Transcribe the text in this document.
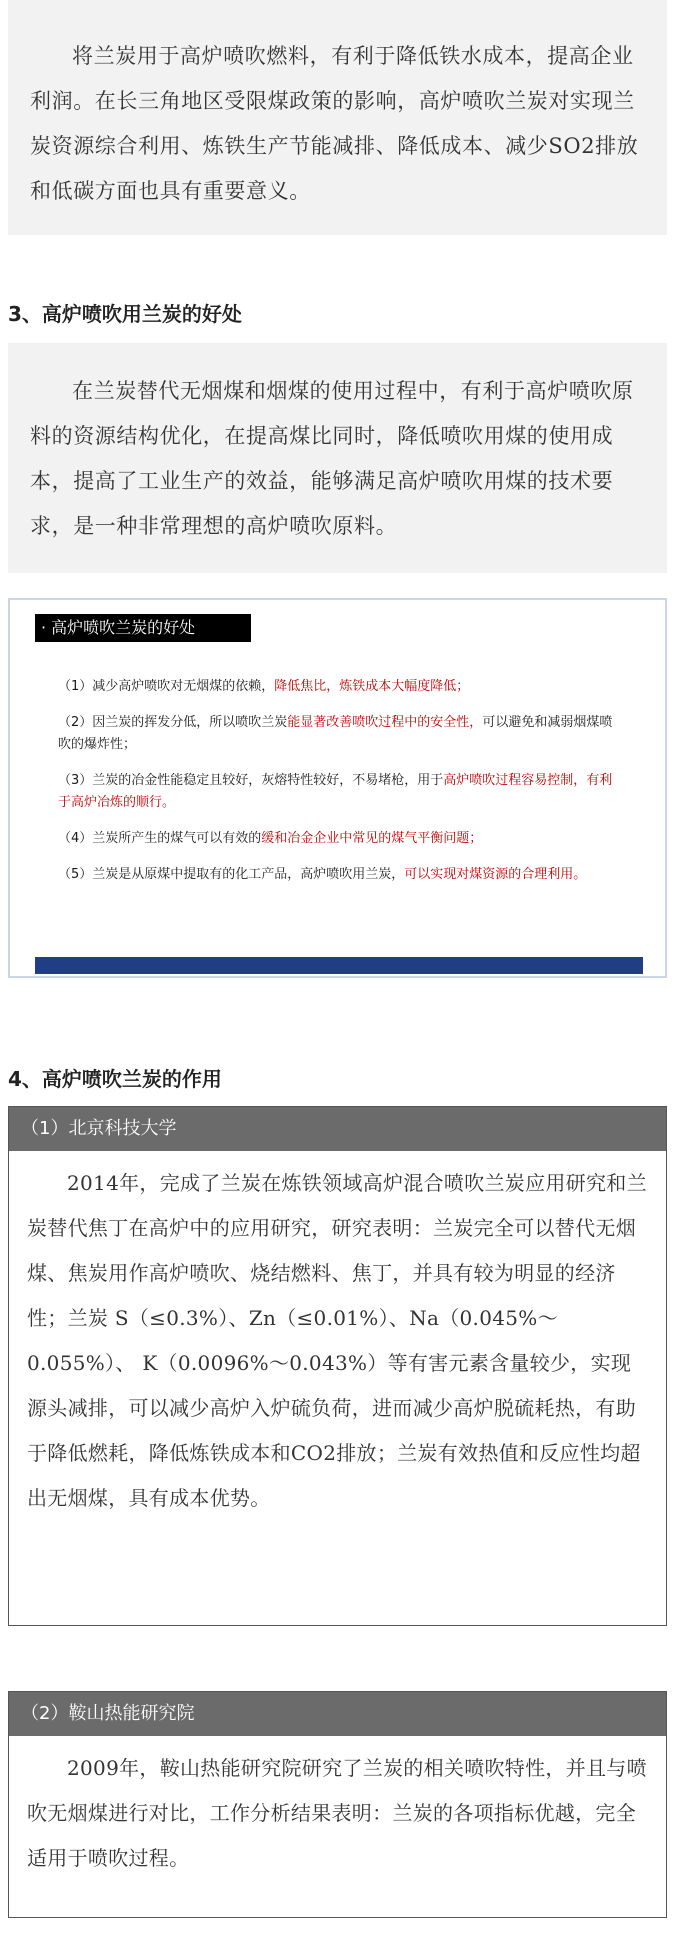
将兰炭用于高炉喷吹燃料，有利于降低铁水成本，提高企业利润。在长三角地区受限煤政策的影响，高炉喷吹兰炭对实现兰炭资源综合利用、炼铁生产节能减排、降低成本、减少SO2排放和低碳方面也具有重要意义。

3、高炉喷吹用兰炭的好处

在兰炭替代无烟煤和烟煤的使用过程中，有利于高炉喷吹原料的资源结构优化，在提高煤比同时，降低喷吹用煤的使用成本，提高了工业生产的效益，能够满足高炉喷吹用煤的技术要求，是一种非常理想的高炉喷吹原料。

· 高炉喷吹兰炭的好处
（1）减少高炉喷吹对无烟煤的依赖，降低焦比，炼铁成本大幅度降低；
（2）因兰炭的挥发分低，所以喷吹兰炭能显著改善喷吹过程中的安全性，可以避免和减弱烟煤喷吹的爆炸性；
（3）兰炭的冶金性能稳定且较好，灰熔特性较好，不易堵枪，用于高炉喷吹过程容易控制，有利于高炉冶炼的顺行。
（4）兰炭所产生的煤气可以有效的缓和冶金企业中常见的煤气平衡问题；
（5）兰炭是从原煤中提取有的化工产品，高炉喷吹用兰炭，可以实现对煤资源的合理利用。
4、高炉喷吹兰炭的作用
（1）北京科技大学

2014年，完成了兰炭在炼铁领域高炉混合喷吹兰炭应用研究和兰炭替代焦丁在高炉中的应用研究，研究表明：兰炭完全可以替代无烟煤、焦炭用作高炉喷吹、烧结燃料、焦丁，并具有较为明显的经济性；兰炭 S（≤0.3%）、Zn（≤0.01%）、Na（0.045%～0.055%）、 K（0.0096%～0.043%）等有害元素含量较少，实现源头减排，可以减少高炉入炉硫负荷，进而减少高炉脱硫耗热，有助于降低燃耗，降低炼铁成本和CO2排放；兰炭有效热值和反应性均超出无烟煤，具有成本优势。

（2）鞍山热能研究院

2009年，鞍山热能研究院研究了兰炭的相关喷吹特性，并且与喷吹无烟煤进行对比，工作分析结果表明：兰炭的各项指标优越，完全适用于喷吹过程。
